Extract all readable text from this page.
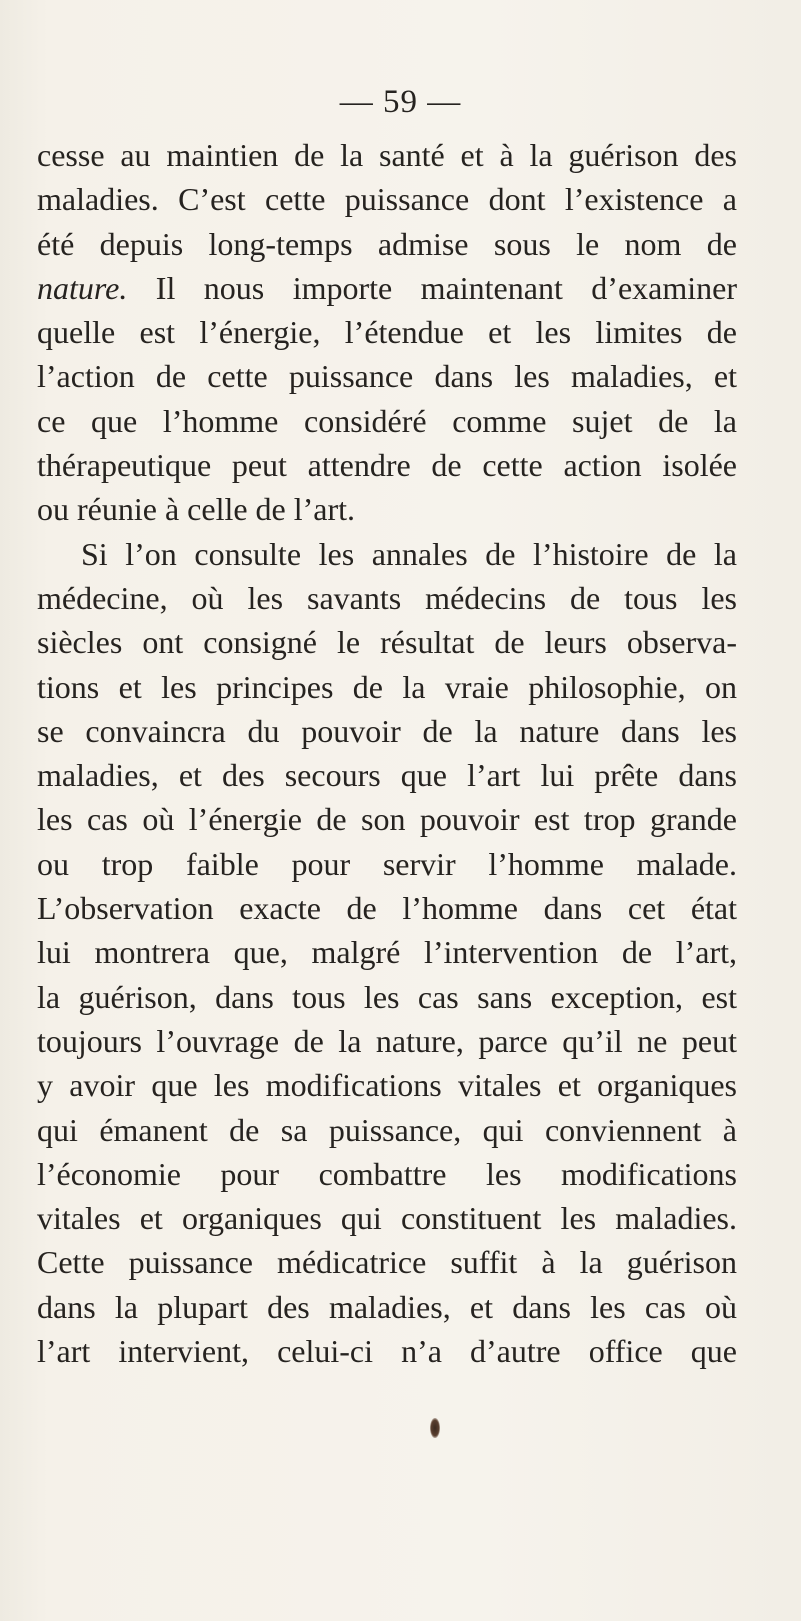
— 59 —
cesse au maintien de la santé et à la guérison des
maladies. C’est cette puissance dont l’existence a
été depuis long-temps admise sous le nom de
nature. Il nous importe maintenant d’examiner
quelle est l’énergie, l’étendue et les limites de
l’action de cette puissance dans les maladies, et
ce que l’homme considéré comme sujet de la
thérapeutique peut attendre de cette action isolée
ou réunie à celle de l’art.
Si l’on consulte les annales de l’histoire de la
médecine, où les savants médecins de tous les
siècles ont consigné le résultat de leurs observa-
tions et les principes de la vraie philosophie, on
se convaincra du pouvoir de la nature dans les
maladies, et des secours que l’art lui prête dans
les cas où l’énergie de son pouvoir est trop grande
ou trop faible pour servir l’homme malade.
L’observation exacte de l’homme dans cet état
lui montrera que, malgré l’intervention de l’art,
la guérison, dans tous les cas sans exception, est
toujours l’ouvrage de la nature, parce qu’il ne peut
y avoir que les modifications vitales et organiques
qui émanent de sa puissance, qui conviennent à
l’économie pour combattre les modifications
vitales et organiques qui constituent les maladies.
Cette puissance médicatrice suffit à la guérison
dans la plupart des maladies, et dans les cas où
l’art intervient, celui-ci n’a d’autre office que
